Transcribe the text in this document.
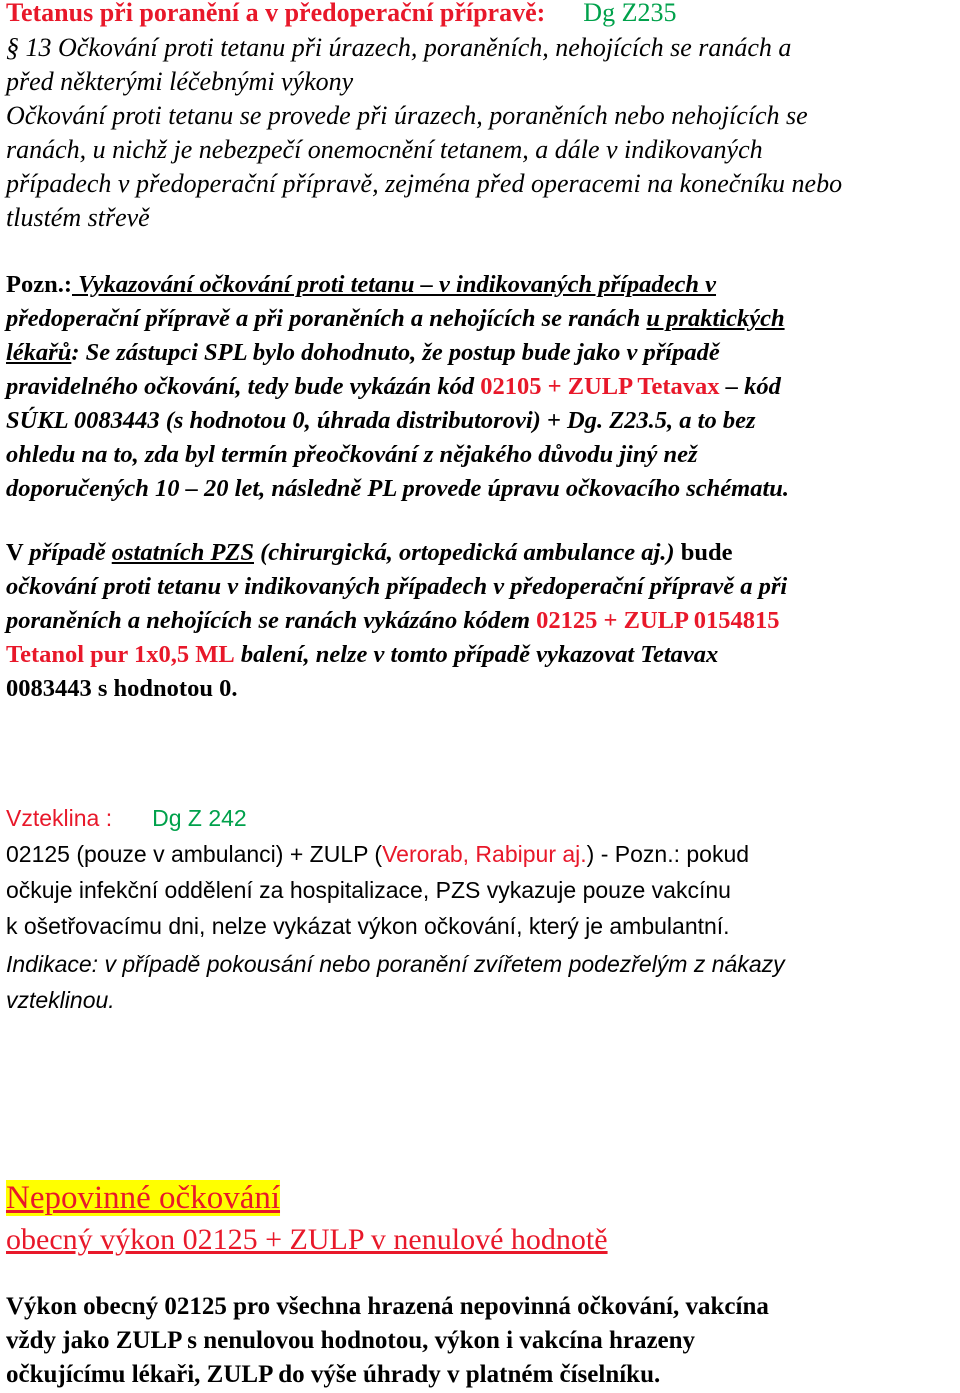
Tetanus při poranění a v předoperační přípravě: Dg Z235
§ 13 Očkování proti tetanu při úrazech, poraněních, nehojících se ranách a
před některými léčebnými výkony
Očkování proti tetanu se provede při úrazech, poraněních nebo nehojících se
ranách, u nichž je nebezpečí onemocnění tetanem, a dále v indikovaných
případech v předoperační přípravě, zejména před operacemi na konečníku nebo
tlustém střevě
Pozn.: Vykazování očkování proti tetanu – v indikovaných případech v
předoperační přípravě a při poraněních a nehojících se ranách u praktických
lékařů: Se zástupci SPL bylo dohodnuto, že postup bude jako v případě
pravidelného očkování, tedy bude vykázán kód 02105 + ZULP Tetavax – kód
SÚKL 0083443 (s hodnotou 0, úhrada distributorovi) + Dg. Z23.5, a to bez
ohledu na to, zda byl termín přeočkování z nějakého důvodu jiný než
doporučených 10 – 20 let, následně PL provede úpravu očkovacího schématu.
V případě ostatních PZS (chirurgická, ortopedická ambulance aj.) bude
očkování proti tetanu v indikovaných případech v předoperační přípravě a při
poraněních a nehojících se ranách vykázáno kódem 02125 + ZULP 0154815
Tetanol pur 1x0,5 ML balení, nelze v tomto případě vykazovat Tetavax
0083443 s hodnotou 0.
Vzteklina : Dg Z 242
02125 (pouze v ambulanci) + ZULP (Verorab, Rabipur aj.) - Pozn.: pokud
očkuje infekční oddělení za hospitalizace, PZS vykazuje pouze vakcínu
k ošetřovacímu dni, nelze vykázat výkon očkování, který je ambulantní.
Indikace: v případě pokousání nebo poranění zvířetem podezřelým z nákazy
vzteklinou.
Nepovinné očkování
obecný výkon 02125 + ZULP v nenulové hodnotě
Výkon obecný 02125 pro všechna hrazená nepovinná očkování, vakcína
vždy jako ZULP s nenulovou hodnotou, výkon i vakcína hrazeny
očkujícímu lékaři, ZULP do výše úhrady v platném číselníku.
